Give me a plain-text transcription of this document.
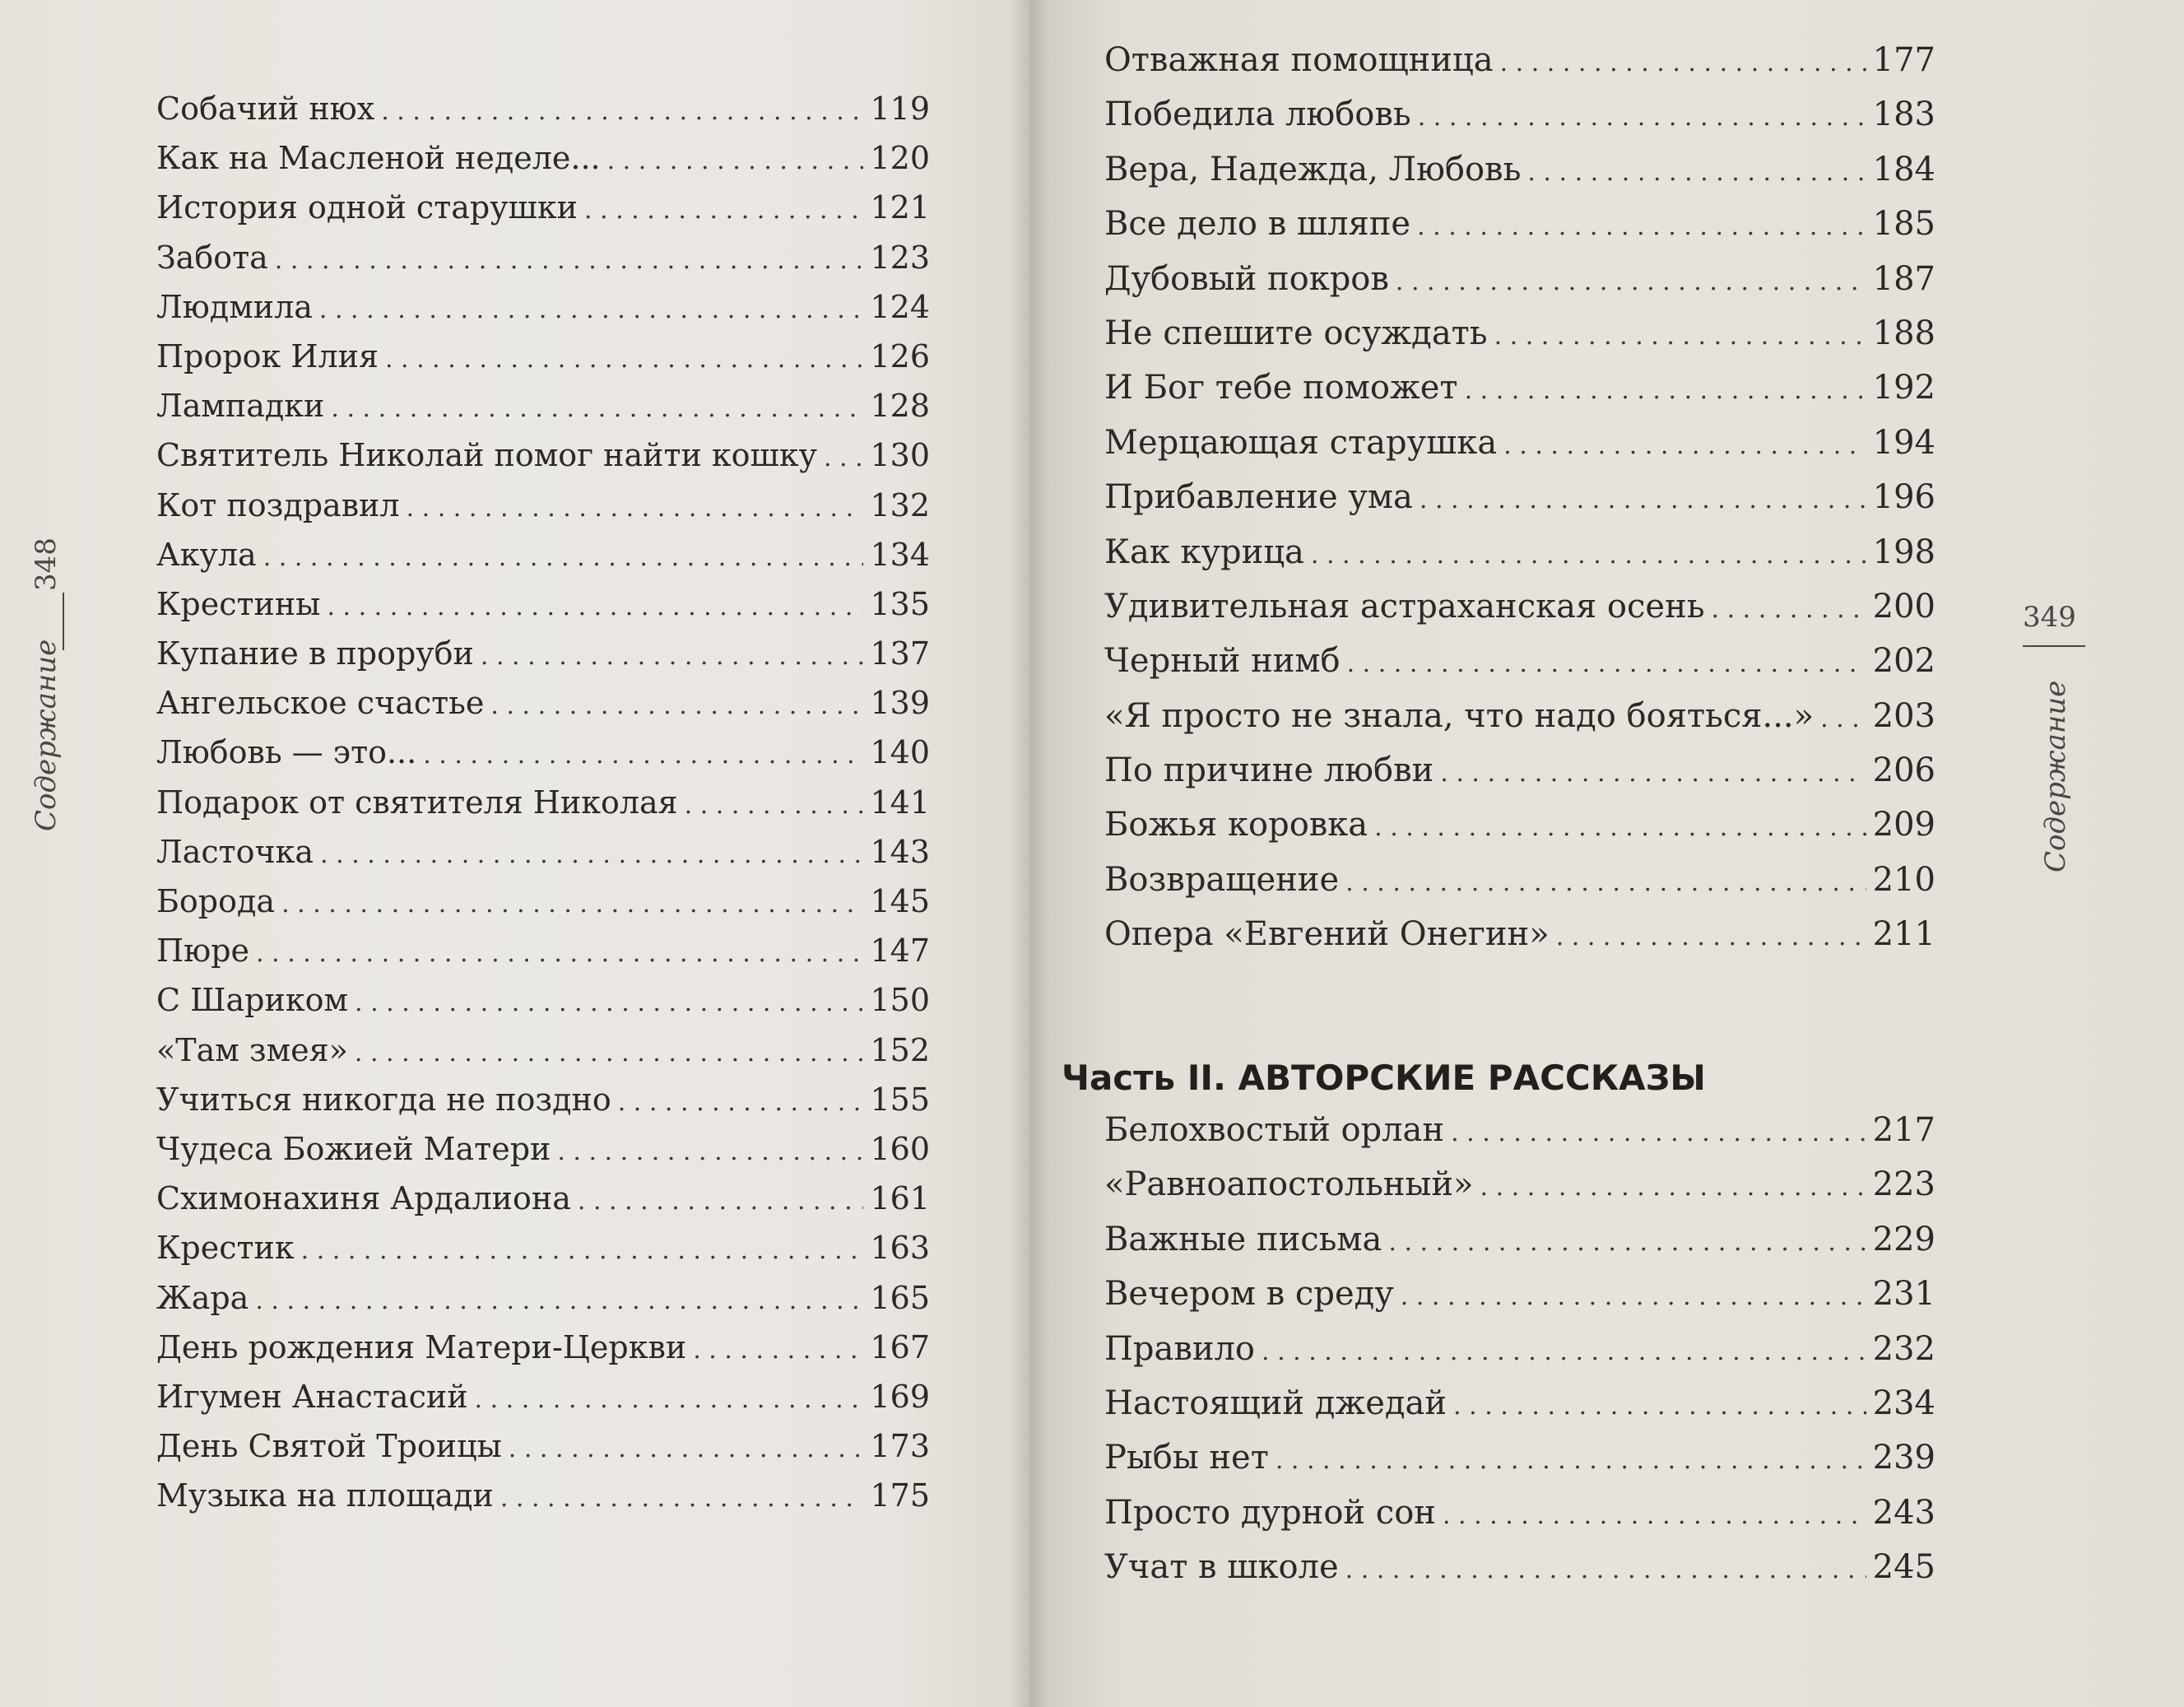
348
Содержание
Собачий нюх . . .	119
Как на Масленой неделе... . . .	120
История одной старушки . . .	121
Забота . . .	123
Людмила . . .	124
Пророк Илия . . .	126
Лампадки . . .	128
Святитель Николай помог найти кошку . . . 130
Кот поздравил . . .	132
Акула . . .	134
Крестины . . .	135
Купание в проруби . . .	137
Ангельское счастье . . .	139
Любовь — это... . . .	140
Подарок от святителя Николая . . .	141
Ласточка . . .	143
Борода . . .	145
Пюре . . .	147
С Шариком . . .	150
«Там змея» . . .	152
Учиться никогда не поздно . . .	155
Чудеса Божией Матери . . .	160
Схимонахиня Ардалиона . . .	161
Крестик . . .	163
Жара . . .	165
День рождения Матери-Церкви . . .	167
Игумен Анастасий . . .	169
День Святой Троицы . . .	173
Музыка на площади . . .	175
Отважная помощница . . .	177
Победила любовь . . .	183
Вера, Надежда, Любовь . . .	184
Все дело в шляпе . . .	185
Дубовый покров . . .	187
Не спешите осуждать . . .	188
И Бог тебе поможет . . .	192
Мерцающая старушка . . .	194
Прибавление ума . . .	196
Как курица . . .	198
Удивительная астраханская осень . . .	200
Черный нимб . . .	202
«Я просто не знала, что надо бояться...» . . . 203
По причине любви . . .	206
Божья коровка . . .	209
Возвращение . . .	210
Опера «Евгений Онегин» . . .	211
Часть II. АВТОРСКИЕ РАССКАЗЫ
Белохвостый орлан . . .	217
«Равноапостольный» . . .	223
Важные письма . . .	229
Вечером в среду . . .	231
Правило . . .	232
Настоящий джедай . . .	234
Рыбы нет . . .	239
Просто дурной сон . . .	243
Учат в школе . . .	245
349
Содержание
